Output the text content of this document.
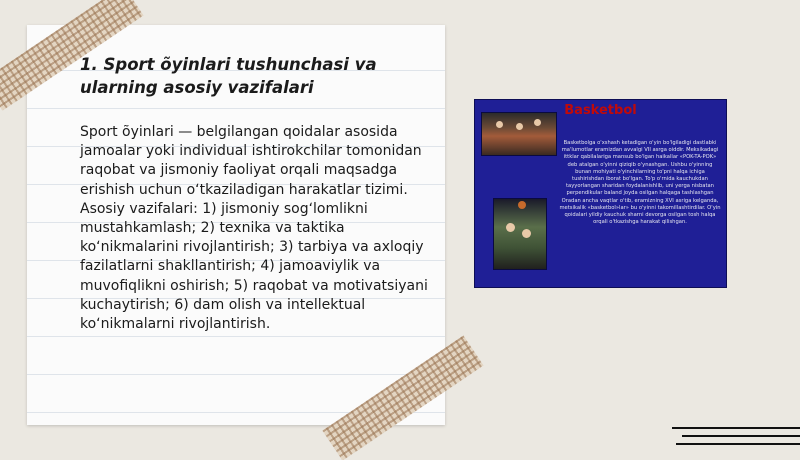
1. Sport õyinlari tushunchasi va ularning asosiy vazifalari

Sport õyinlari — belgilangan qoidalar asosida jamoalar yoki individual ishtirokchilar tomonidan raqobat va jismoniy faoliyat orqali maqsadga erishish uchun oʻtkaziladigan harakatlar tizimi. Asosiy vazifalari: 1) jismoniy sogʻlomlikni mustahkamlash; 2) texnika va taktika koʻnikmalarini rivojlantirish; 3) tarbiya va axloqiy fazilatlarni shakllantirish; 4) jamoaviylik va muvofiqlikni oshirish; 5) raqobat va motivatsiyani kuchaytirish; 6) dam olish va intellektual koʻnikmalarni rivojlantirish.

Basketbol

Basketbolga o'xshash ketadigan o'yin bo'lgiladigi dastlabki ma'lumotlar eramizdan avvalgi VII asrga oiddir. Meksikadagi ittklar qabilalariga mansub bo'lgan haikallar «POK-TA-POK» deb atalgan o'yinni qiziqib o'ynashgan. Ushbu o'yinning bunan mohiyati o'yinchilarning to'pni halqa ichiga tushirishdan iborat bo'lgan. To'p o'rnida kauchukdan tayyorlangan sharidan foydalanishlib, uni yerga nisbatan perpendikular baland joyda osilgan halqaga tashlashgan Oradan ancha vaqtlar o'tib, eramizning XVI asriga kelganda, metsikalik «basketbol»lar» bu o'yinni takomillashtirdilar. O'yin qoidalari yildiy kauchuk sharni devorga osilgan tosh halqa orqali o'tkazishga harakat qilishgan.
